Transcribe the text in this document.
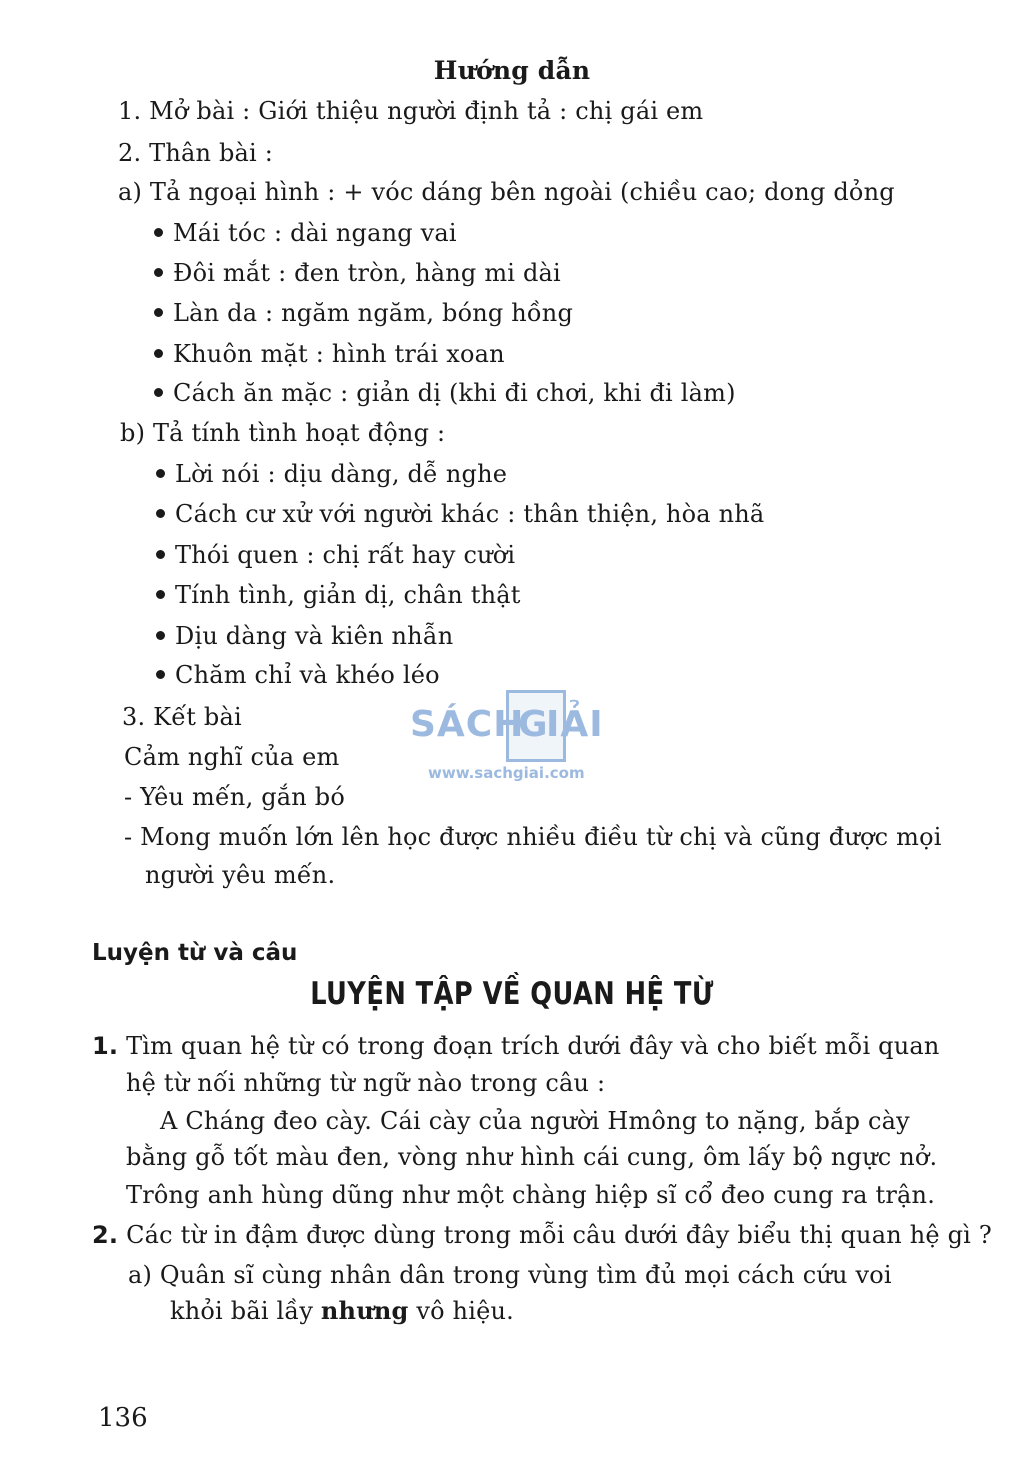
Hướng dẫn
1. Mở bài : Giới thiệu người định tả : chị gái em
2. Thân bài :
a) Tả ngoại hình : + vóc dáng bên ngoài (chiều cao; dong dỏng
Mái tóc : dài ngang vai
Đôi mắt : đen tròn, hàng mi dài
Làn da : ngăm ngăm, bóng hồng
Khuôn mặt : hình trái xoan
Cách ăn mặc : giản dị (khi đi chơi, khi đi làm)
b) Tả tính tình hoạt động :
Lời nói : dịu dàng, dễ nghe
Cách cư xử với người khác : thân thiện, hòa nhã
Thói quen : chị rất hay cười
Tính tình, giản dị, chân thật
Dịu dàng và kiên nhẫn
Chăm chỉ và khéo léo
3. Kết bài
Cảm nghĩ của em
- Yêu mến, gắn bó
- Mong muốn lớn lên học được nhiều điều từ chị và cũng được mọi
người yêu mến.
SÁCH
G
IẢI
www.sachgiai.com
Luyện từ và câu
LUYỆN TẬP VỀ QUAN HỆ TỪ
1. Tìm quan hệ từ có trong đoạn trích dưới đây và cho biết mỗi quan
hệ từ nối những từ ngữ nào trong câu :
A Cháng đeo cày. Cái cày của người Hmông to nặng, bắp cày
bằng gỗ tốt màu đen, vòng như hình cái cung, ôm lấy bộ ngực nở.
Trông anh hùng dũng như một chàng hiệp sĩ cổ đeo cung ra trận.
2. Các từ in đậm được dùng trong mỗi câu dưới đây biểu thị quan hệ gì ?
a) Quân sĩ cùng nhân dân trong vùng tìm đủ mọi cách cứu voi
khỏi bãi lầy nhưng vô hiệu.
136
